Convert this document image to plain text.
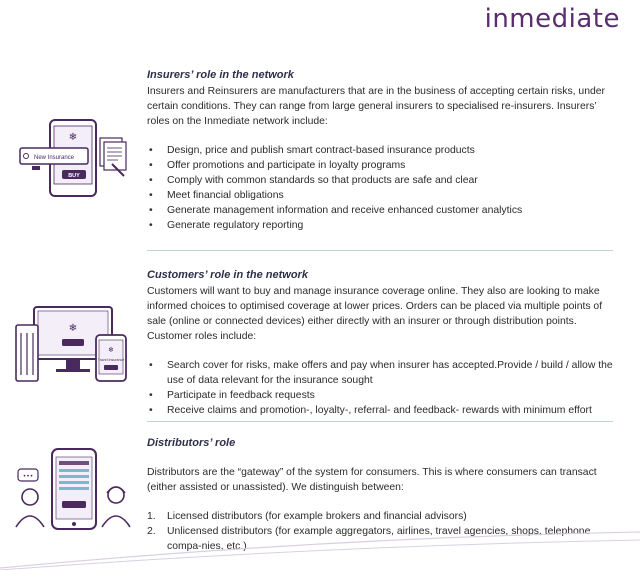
inmediate
Insurers’ role in the network

Insurers and Reinsurers are manufacturers that are in the business of accepting certain risks, under certain conditions. They can range from large general insurers to specialised re-insurers. Insurers’ roles on the Inmediate network include:

• Design, price and publish smart contract-based insurance products
• Offer promotions and participate in loyalty programs
• Comply with common standards so that products are safe and clear
• Meet financial obligations
• Generate management information and receive enhanced customer analytics
• Generate regulatory reporting
❄
New Insurance
BUY
Customers’ role in the network

Customers will want to buy and manage insurance coverage online. They also are looking to make informed choices to optimised coverage at lower prices. Orders can be placed via multiple points of sale (online or connected devices) either directly with an insurer or through distribution points. Customer roles include:

• Search cover for risks, make offers and pay when insurer has accepted.Provide / build / allow the use of data relevant for the insurance sought
• Participate in feedback requests
• Receive claims and promotion-, loyalty-, referral- and feedback- rewards with minimum effort
❄
❄
Travel Insurance
Distributors’ role

Distributors are the “gateway” of the system for consumers. This is where consumers can transact (either assisted or unassisted). We distinguish between:

1. Licensed distributors (for example brokers and financial advisors)
2. Unlicensed distributors (for example aggregators, airlines, travel agencies, shops, telephone compa-nies, etc.)
•••
